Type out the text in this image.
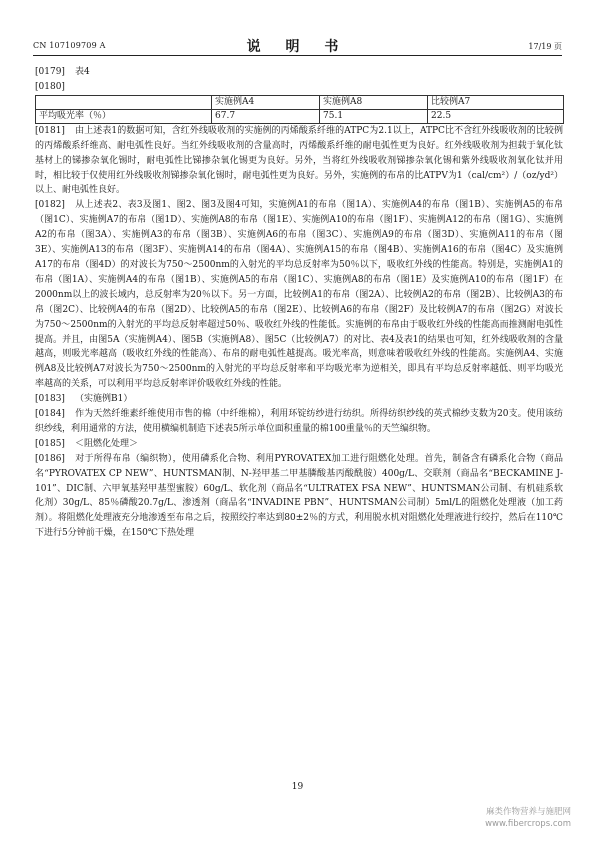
CN 107109709 A	说 明 书	17/19 页
[0179] 表4
[0180]
	实施例A4	实施例A8	比较例A7
平均吸光率（％）	67.7	75.1	22.5

[0181] 由上述表1的数据可知，含红外线吸收剂的实施例的丙烯酸系纤维的ATPC为2.1以上，ATPC比不含红外线吸收剂的比较例的丙烯酸系纤维高、耐电弧性良好。当红外线吸收剂的含量高时，丙烯酸系纤维的耐电弧性更为良好。红外线吸收剂为担载于氧化钛基材上的锑掺杂氧化锡时，耐电弧性比锑掺杂氧化锡更为良好。另外，当将红外线吸收剂锑掺杂氧化锡和紫外线吸收剂氧化钛并用时，相比较于仅使用红外线吸收剂锑掺杂氧化锡时，耐电弧性更为良好。另外，实施例的布帛的比ATPV为1（cal/cm²）/（oz/yd²）以上、耐电弧性良好。

[0182] 从上述表2、表3及图1、图2、图3及图4可知，实施例A1的布帛（图1A）、实施例A4的布帛（图1B）、实施例A5的布帛（图1C）、实施例A7的布帛（图1D）、实施例A8的布帛（图1E）、实施例A10的布帛（图1F）、实施例A12的布帛（图1G）、实施例A2的布帛（图3A）、实施例A3的布帛（图3B）、实施例A6的布帛（图3C）、实施例A9的布帛（图3D）、实施例A11的布帛（图3E）、实施例A13的布帛（图3F）、实施例A14的布帛（图4A）、实施例A15的布帛（图4B）、实施例A16的布帛（图4C）及实施例A17的布帛（图4D）的对波长为750～2500nm的入射光的平均总反射率为50％以下，吸收红外线的性能高。特别是，实施例A1的布帛（图1A）、实施例A4的布帛（图1B）、实施例A5的布帛（图1C）、实施例A8的布帛（图1E）及实施例A10的布帛（图1F）在2000nm以上的波长域内，总反射率为20％以下。另一方面，比较例A1的布帛（图2A）、比较例A2的布帛（图2B）、比较例A3的布帛（图2C）、比较例A4的布帛（图2D）、比较例A5的布帛（图2E）、比较例A6的布帛（图2F）及比较例A7的布帛（图2G）对波长为750～2500nm的入射光的平均总反射率超过50％、吸收红外线的性能低。实施例的布帛由于吸收红外线的性能高而推测耐电弧性提高。并且，由图5A（实施例A4）、图5B（实施例A8）、图5C（比较例A7）的对比、表4及表1的结果也可知，红外线吸收剂的含量越高，则吸光率越高（吸收红外线的性能高）、布帛的耐电弧性越提高。吸光率高，则意味着吸收红外线的性能高。实施例A4、实施例A8及比较例A7对波长为750～2500nm的入射光的平均总反射率和平均吸光率为逆相关，即具有平均总反射率越低、则平均吸光率越高的关系，可以利用平均总反射率评价吸收红外线的性能。

[0183] （实施例B1）

[0184] 作为天然纤维素纤维使用市售的棉（中纤维棉），利用环锭纺纱进行纺织。所得纺织纱线的英式棉纱支数为20支。使用该纺织纱线，利用通常的方法，使用横编机制造下述表5所示单位面积重量的棉100重量％的天竺编织物。

[0185] ＜阻燃化处理＞

[0186] 对于所得布帛（编织物），使用磷系化合物、利用PYROVATEX加工进行阻燃化处理。首先，制备含有磷系化合物（商品名“PYROVATEX CP NEW”、HUNTSMAN制、N-羟甲基二甲基膦酸基丙酸酰胺）400g/L、交联剂（商品名“BECKAMINE J-101”、DIC制、六甲氧基羟甲基型蜜胺）60g/L、软化剂（商品名“ULTRATEX FSA NEW”、HUNTSMAN公司制、有机硅系软化剂）30g/L、85％磷酸20.7g/L、渗透剂（商品名“INVADINE PBN”、HUNTSMAN公司制）5ml/L的阻燃化处理液（加工药剂）。将阻燃化处理液充分地渗透至布帛之后，按照绞拧率达到80±2％的方式，利用脱水机对阻燃化处理液进行绞拧，然后在110℃下进行5分钟前干燥，在150℃下热处理

19
麻类作物营养与施肥网
www.fibercrops.com
